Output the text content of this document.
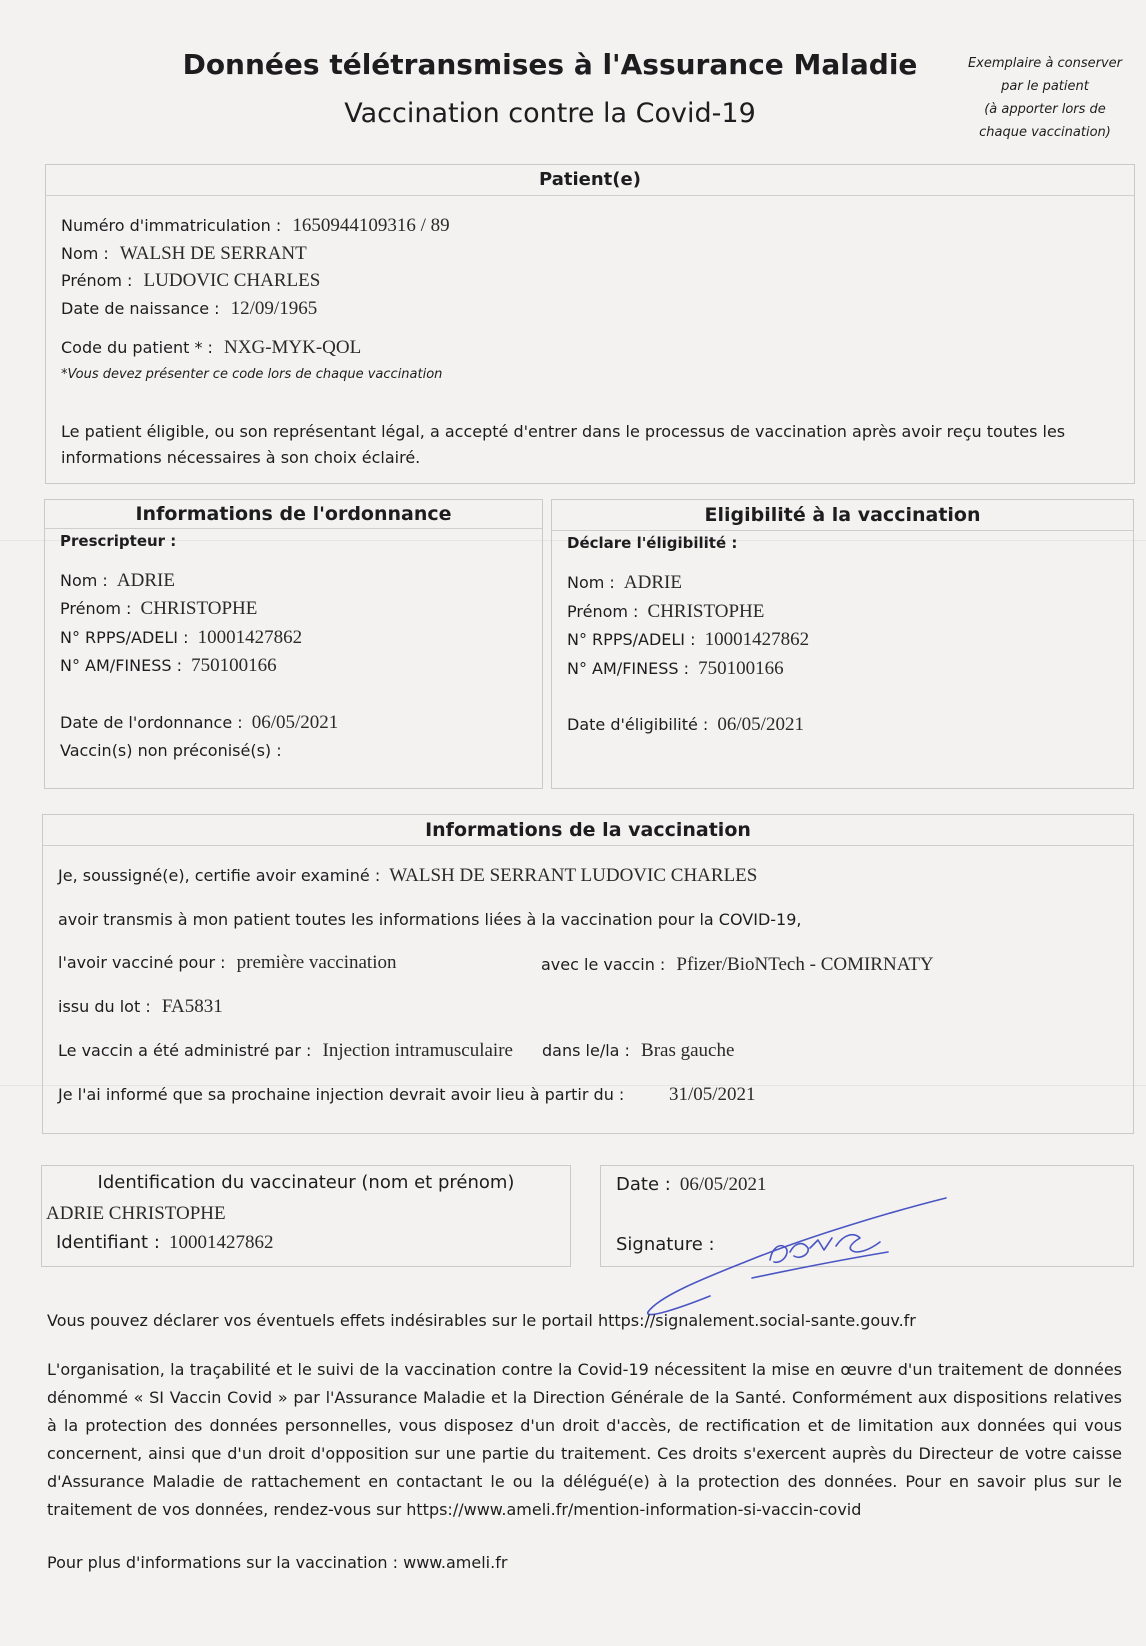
Données télétransmises à l'Assurance Maladie
Vaccination contre la Covid-19
Exemplaire à conserver
par le patient
(à apporter lors de
chaque vaccination)
Patient(e)
Numéro d'immatriculation : 1650944109316 / 89
Nom : WALSH DE SERRANT
Prénom : LUDOVIC CHARLES
Date de naissance : 12/09/1965
Code du patient * : NXG-MYK-QOL
*Vous devez présenter ce code lors de chaque vaccination
Le patient éligible, ou son représentant légal, a accepté d'entrer dans le processus de vaccination après avoir reçu toutes les informations nécessaires à son choix éclairé.
Informations de l'ordonnance
Prescripteur :
Nom : ADRIE
Prénom : CHRISTOPHE
N° RPPS/ADELI : 10001427862
N° AM/FINESS : 750100166
Date de l'ordonnance : 06/05/2021
Vaccin(s) non préconisé(s) :
Eligibilité à la vaccination
Déclare l'éligibilité :
Nom : ADRIE
Prénom : CHRISTOPHE
N° RPPS/ADELI : 10001427862
N° AM/FINESS : 750100166
Date d'éligibilité : 06/05/2021
Informations de la vaccination
Je, soussigné(e), certifie avoir examiné : WALSH DE SERRANT LUDOVIC CHARLES
avoir transmis à mon patient toutes les informations liées à la vaccination pour la COVID-19,
l'avoir vacciné pour : première vaccination	avec le vaccin : Pfizer/BioNTech - COMIRNATY
issu du lot : FA5831
Le vaccin a été administré par : Injection intramusculaire dans le/la : Bras gauche
Je l'ai informé que sa prochaine injection devrait avoir lieu à partir du : 31/05/2021
Identification du vaccinateur (nom et prénom)
ADRIE CHRISTOPHE
Identifiant : 10001427862
Date : 06/05/2021
Signature :
Vous pouvez déclarer vos éventuels effets indésirables sur le portail https://signalement.social-sante.gouv.fr
L'organisation, la traçabilité et le suivi de la vaccination contre la Covid-19 nécessitent la mise en œuvre d'un traitement de données dénommé « SI Vaccin Covid » par l'Assurance Maladie et la Direction Générale de la Santé. Conformément aux dispositions relatives à la protection des données personnelles, vous disposez d'un droit d'accès, de rectification et de limitation aux données qui vous concernent, ainsi que d'un droit d'opposition sur une partie du traitement. Ces droits s'exercent auprès du Directeur de votre caisse d'Assurance Maladie de rattachement en contactant le ou la délégué(e) à la protection des données. Pour en savoir plus sur le traitement de vos données, rendez-vous sur https://www.ameli.fr/mention-information-si-vaccin-covid
Pour plus d'informations sur la vaccination : www.ameli.fr
